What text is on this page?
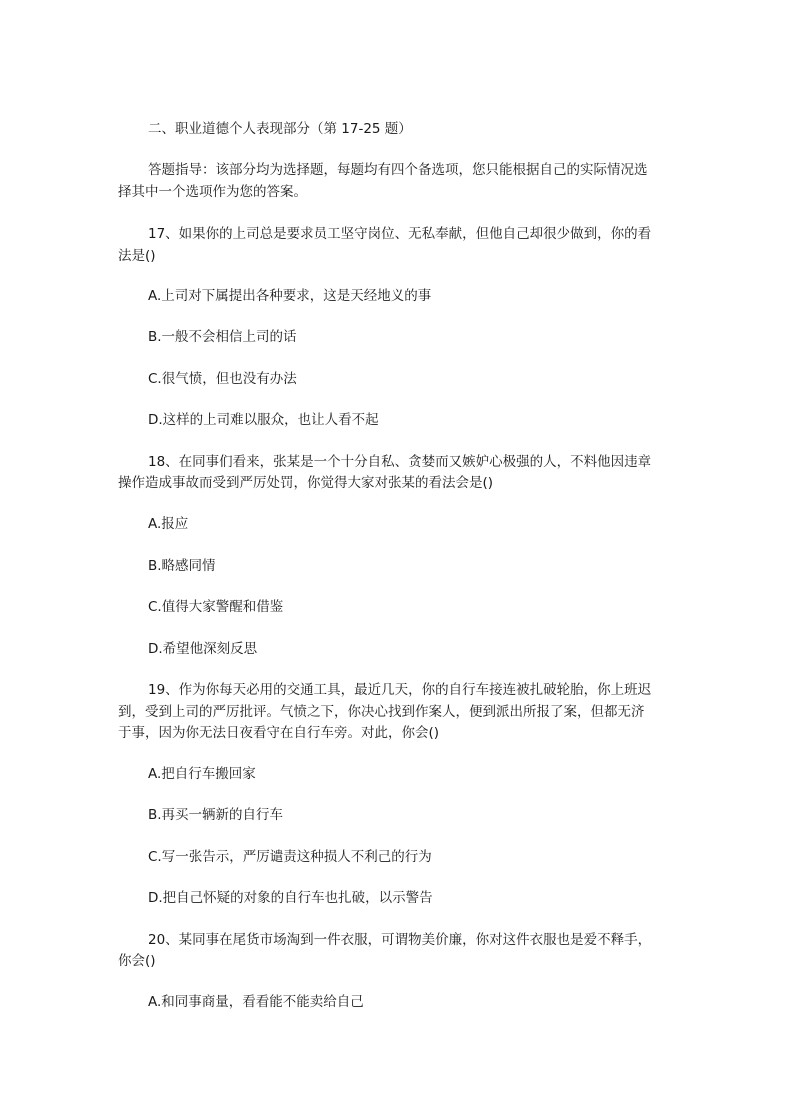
二、职业道德个人表现部分（第 17-25 题）
答题指导：该部分均为选择题，每题均有四个备选项，您只能根据自己的实际情况选
择其中一个选项作为您的答案。
17、如果你的上司总是要求员工坚守岗位、无私奉献，但他自己却很少做到，你的看
法是()
A.上司对下属提出各种要求，这是天经地义的事
B.一般不会相信上司的话
C.很气愤，但也没有办法
D.这样的上司难以服众，也让人看不起
18、在同事们看来，张某是一个十分自私、贪婪而又嫉妒心极强的人，不料他因违章
操作造成事故而受到严厉处罚，你觉得大家对张某的看法会是()
A.报应
B.略感同情
C.值得大家警醒和借鉴
D.希望他深刻反思
19、作为你每天必用的交通工具，最近几天，你的自行车接连被扎破轮胎，你上班迟
到，受到上司的严厉批评。气愤之下，你决心找到作案人，便到派出所报了案，但都无济
于事，因为你无法日夜看守在自行车旁。对此，你会()
A.把自行车搬回家
B.再买一辆新的自行车
C.写一张告示，严厉谴责这种损人不利己的行为
D.把自己怀疑的对象的自行车也扎破，以示警告
20、某同事在尾货市场淘到一件衣服，可谓物美价廉，你对这件衣服也是爱不释手，
你会()
A.和同事商量，看看能不能卖给自己
